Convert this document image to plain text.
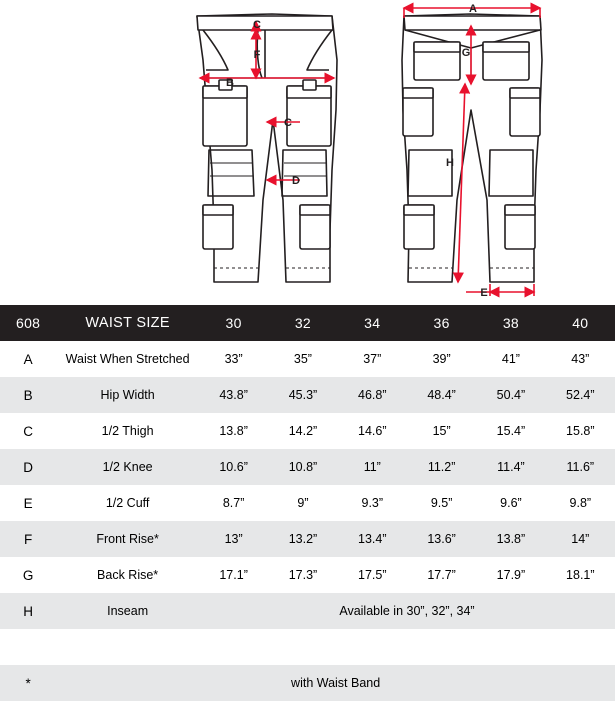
C
F
B
C
D
A
G
H
E
608	WAIST SIZE	30	32	34	36	38	40
A	Waist When Stretched	33”	35”	37”	39”	41”	43”
B	Hip Width	43.8”	45.3”	46.8”	48.4”	50.4”	52.4”
C	1/2 Thigh	13.8”	14.2”	14.6”	15”	15.4”	15.8”
D	1/2 Knee	10.6”	10.8”	11”	11.2”	11.4”	11.6”
E	1/2 Cuff	8.7”	9”	9.3”	9.5”	9.6”	9.8”
F	Front Rise*	13”	13.2”	13.4”	13.6”	13.8”	14”
G	Back Rise*	17.1”	17.3”	17.5”	17.7”	17.9”	18.1”
H	Inseam	Available in 30”, 32”, 34”					

*	with Waist Band						
